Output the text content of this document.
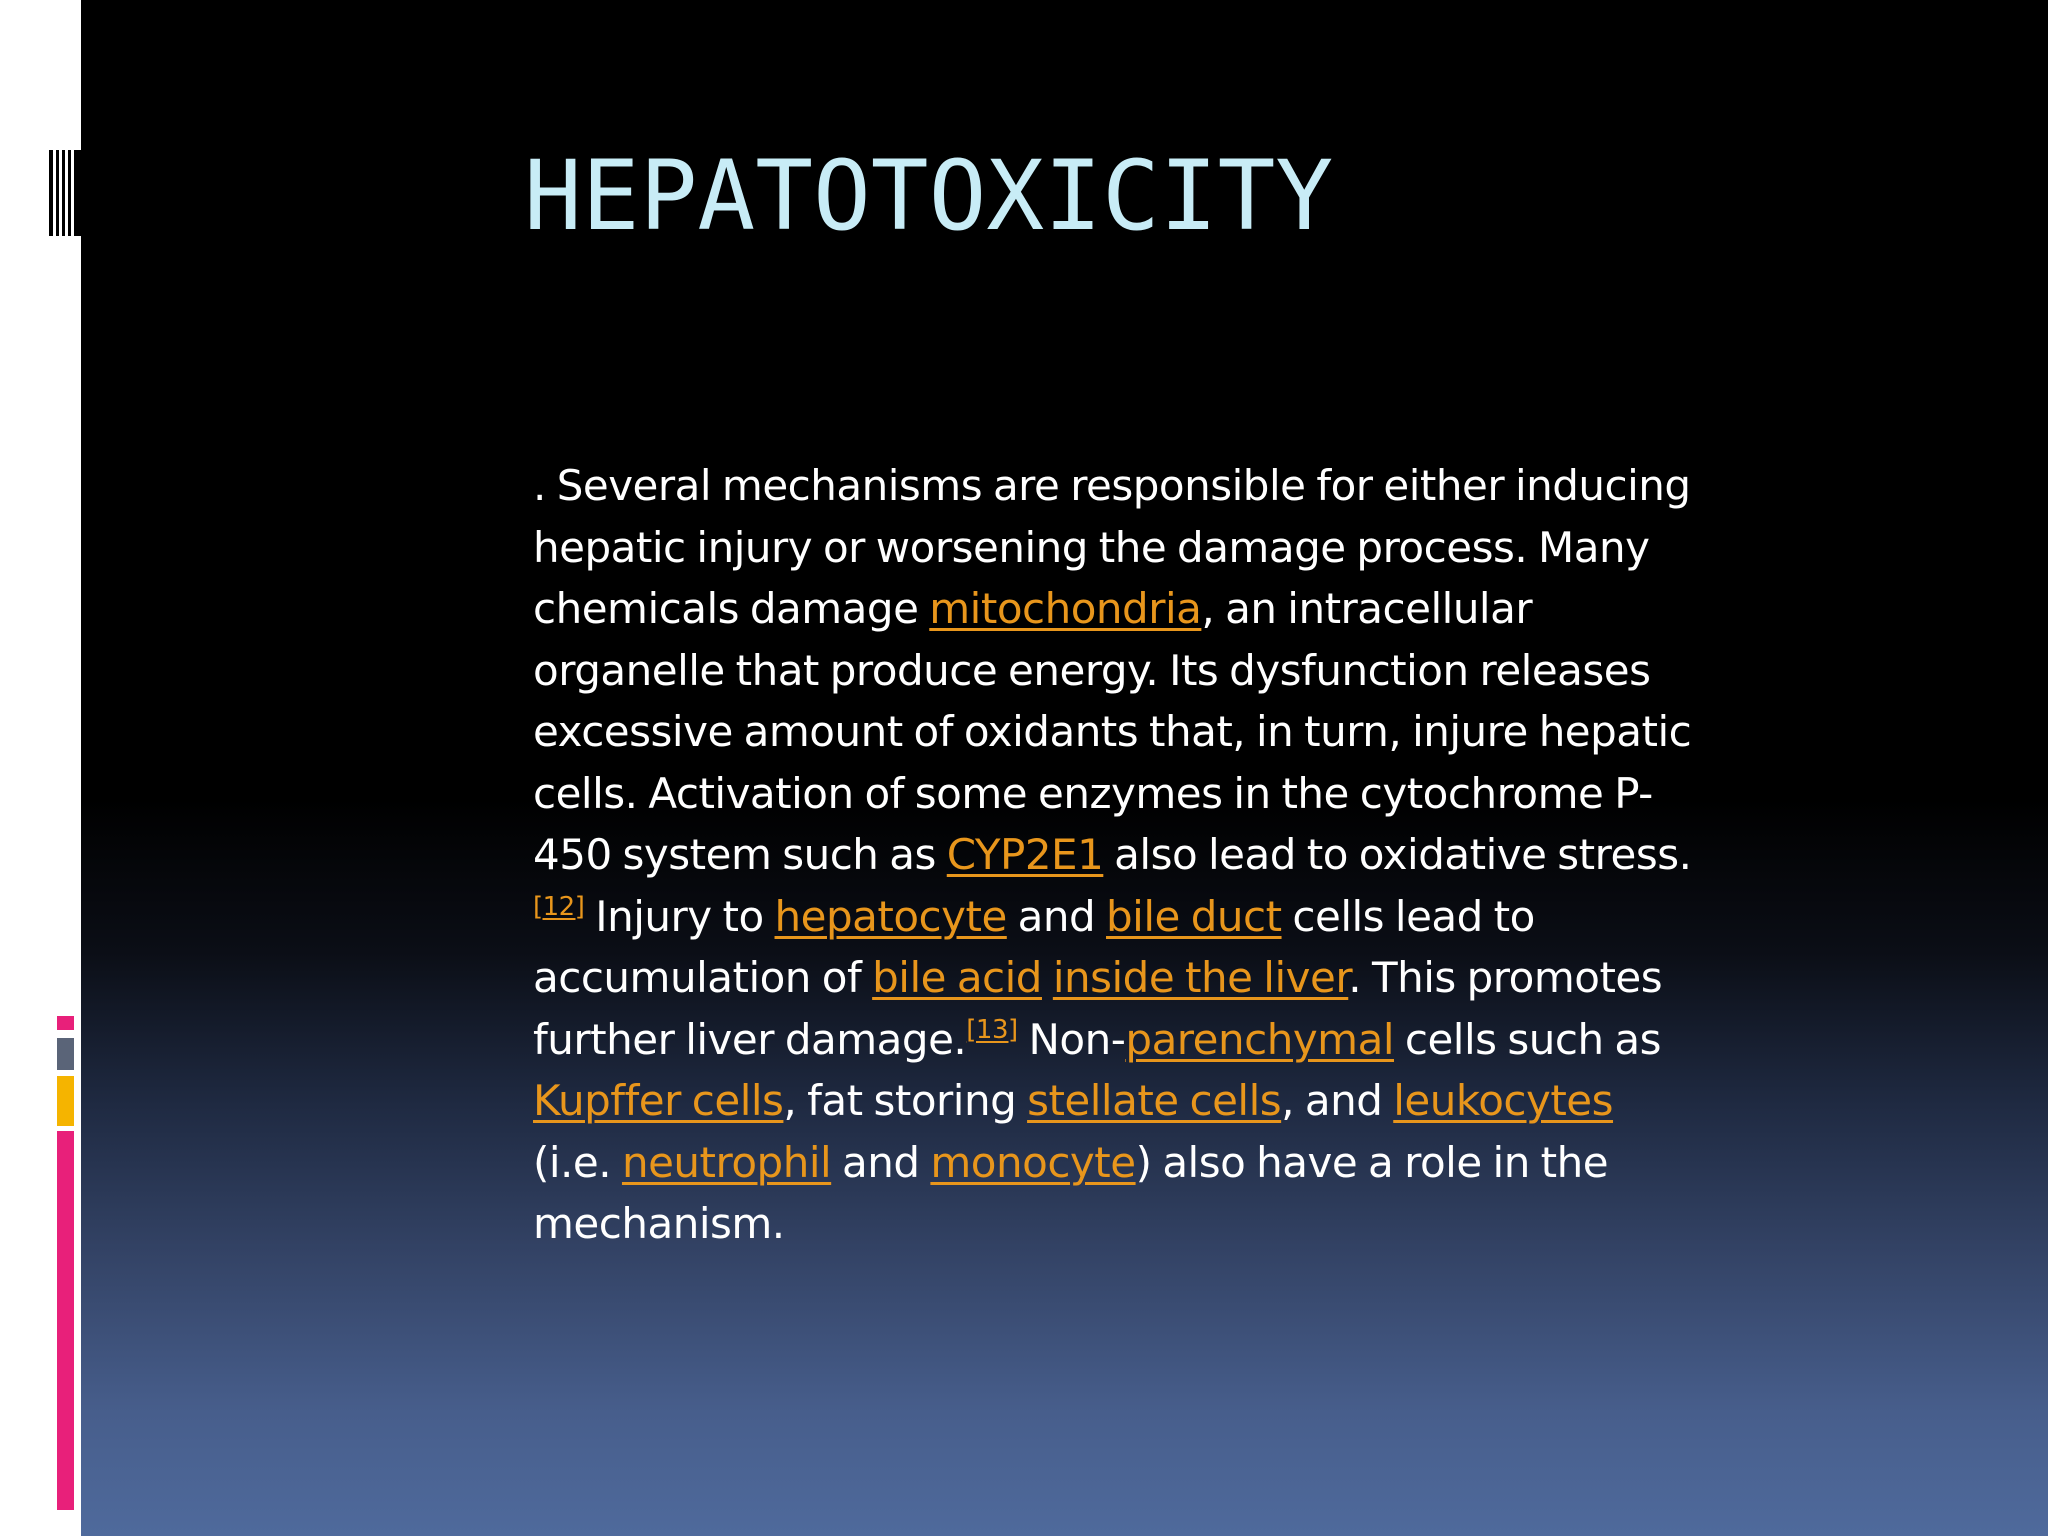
HEPATOTOXICITY

. Several mechanisms are responsible for either inducing hepatic injury or worsening the damage process. Many chemicals damage mitochondria, an intracellular organelle that produce energy. Its dysfunction releases excessive amount of oxidants that, in turn, injure hepatic cells. Activation of some enzymes in the cytochrome P-450 system such as CYP2E1 also lead to oxidative stress.[12] Injury to hepatocyte and bile duct cells lead to accumulation of bile acid inside the liver. This promotes further liver damage.[13] Non-parenchymal cells such as Kupffer cells, fat storing stellate cells, and leukocytes (i.e. neutrophil and monocyte) also have a role in the mechanism.
